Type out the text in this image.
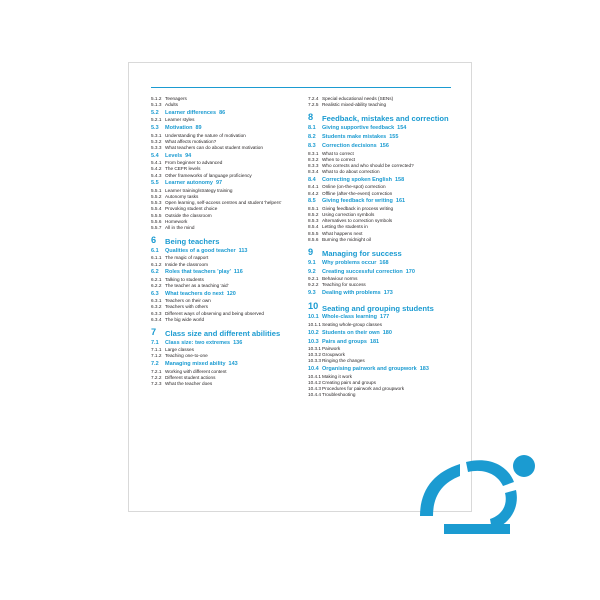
5.1.2 Teenagers
5.1.3 Adults
5.2	Learner differences 86
5.2.1 Learner styles
5.3	Motivation 89
5.3.1 Understanding the nature of motivation
5.3.2 What affects motivation?
5.3.3 What teachers can do about student motivation
5.4	Levels 94
5.4.1 From beginner to advanced
5.4.2 The CEFR levels
5.4.3 Other frameworks of language proficiency
5.5	Learner autonomy 97
5.5.1 Learner training/strategy training
5.5.2 Autonomy tasks
5.5.3 Open learning, self-access centres and student 'helpers'
5.5.4 Provoking student choice
5.5.5 Outside the classroom
5.5.6 Homework
5.5.7 All in the mind
6	Being teachers
6.1	Qualities of a good teacher 113
6.1.1 The magic of rapport
6.1.2 Inside the classroom
6.2	Roles that teachers 'play' 116
6.2.1 Talking to students
6.2.2 The teacher as a teaching 'aid'
6.3	What teachers do next 120
6.3.1 Teachers on their own
6.3.2 Teachers with others
6.3.3 Different ways of observing and being observed
6.3.4 The big wide world
7	Class size and different abilities
7.1	Class size: two extremes 136
7.1.1 Large classes
7.1.2 Teaching one-to-one
7.2	Managing mixed ability 143
7.2.1 Working with different content
7.2.2 Different student actions
7.2.3 What the teacher does
7.2.4 Special educational needs (SENs)
7.2.5 Realistic mixed-ability teaching
8	Feedback, mistakes and correction
8.1	Giving supportive feedback 154
8.2	Students make mistakes 155
8.3	Correction decisions 156
8.3.1 What to correct
8.3.2 When to correct
8.3.3 Who corrects and who should be corrected?
8.3.4 What to do about correction
8.4	Correcting spoken English 158
8.4.1 Online (on-the-spot) correction
8.4.2 Offline (after-the-event) correction
8.5	Giving feedback for writing 161
8.5.1 Giving feedback in process writing
8.5.2 Using correction symbols
8.5.3 Alternatives to correction symbols
8.5.4 Letting the students in
8.5.5 What happens next
8.5.6 Burning the midnight oil
9	Managing for success
9.1	Why problems occur 168
9.2	Creating successful correction 170
9.2.1 Behaviour norms
9.2.2 Teaching for success
9.3	Dealing with problems 173
10 Seating and grouping students
10.1 Whole-class learning 177
10.1.1 Seating whole-group classes
10.2 Students on their own 180
10.3 Pairs and groups 181
10.3.1 Pairwork
10.3.2 Groupwork
10.3.3 Ringing the changes
10.4 Organising pairwork and groupwork 183
10.4.1 Making it work
10.4.2 Creating pairs and groups
10.4.3 Procedures for pairwork and groupwork
10.4.4 Troubleshooting
